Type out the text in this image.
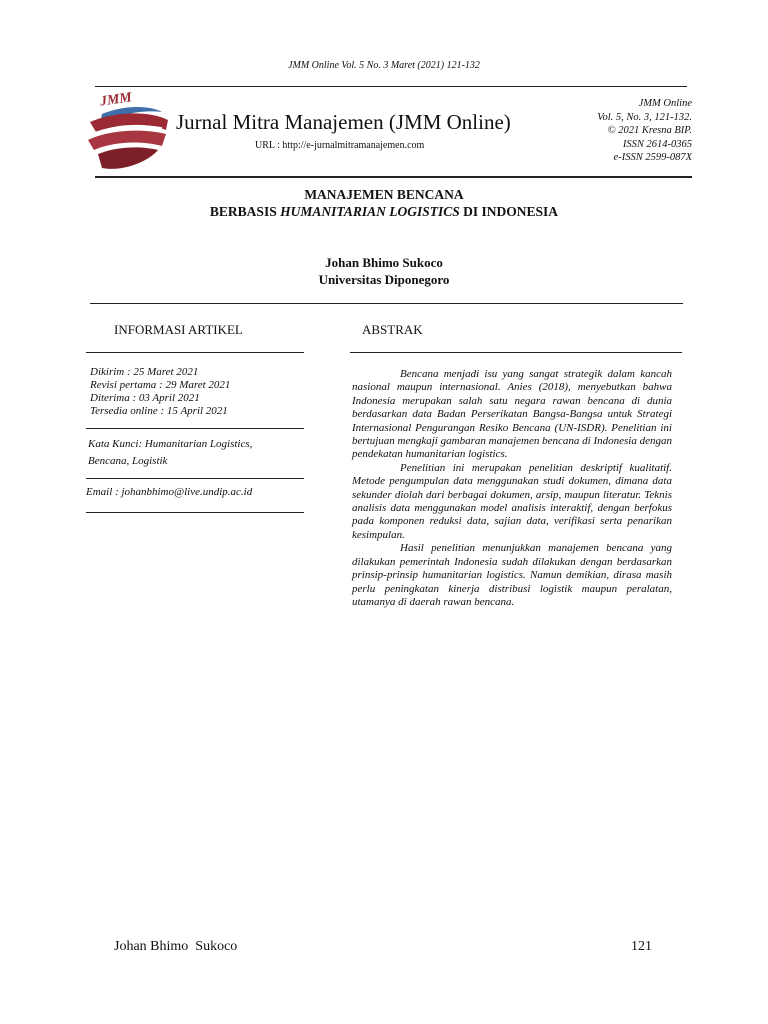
JMM Online Vol. 5 No. 3 Maret (2021) 121-132
JMM
Jurnal Mitra Manajemen (JMM Online)
URL : http://e-jurnalmitramanajemen.com
JMM Online
Vol. 5, No. 3, 121-132.
© 2021 Kresna BIP.
ISSN 2614-0365
e-ISSN 2599-087X
MANAJEMEN BENCANA
BERBASIS HUMANITARIAN LOGISTICS DI INDONESIA
Johan Bhimo Sukoco
Universitas Diponegoro
INFORMASI ARTIKEL	ABSTRAK
Dikirim : 25 Maret 2021
Revisi pertama : 29 Maret 2021
Diterima : 03 April 2021
Tersedia online : 15 April 2021
Kata Kunci: Humanitarian Logistics,
Bencana, Logistik
Email : johanbhimo@live.undip.ac.id

Bencana menjadi isu yang sangat strategik dalam kancah nasional maupun internasional. Anies (2018), menyebutkan bahwa Indonesia merupakan salah satu negara rawan bencana di dunia berdasarkan data Badan Perserikatan Bangsa-Bangsa untuk Strategi Internasional Pengurangan Resiko Bencana (UN-ISDR). Penelitian ini bertujuan mengkaji gambaran manajemen bencana di Indonesia dengan pendekatan humanitarian logistics.

Penelitian ini merupakan penelitian deskriptif kualitatif. Metode pengumpulan data menggunakan studi dokumen, dimana data sekunder diolah dari berbagai dokumen, arsip, maupun literatur. Teknis analisis data menggunakan model analisis interaktif, dengan berfokus pada komponen reduksi data, sajian data, verifikasi serta penarikan kesimpulan.

Hasil penelitian menunjukkan manajemen bencana yang dilakukan pemerintah Indonesia sudah dilakukan dengan berdasarkan prinsip-prinsip humanitarian logistics. Namun demikian, dirasa masih perlu peningkatan kinerja distribusi logistik maupun peralatan, utamanya di daerah rawan bencana.

Johan Bhimo  Sukoco	121
